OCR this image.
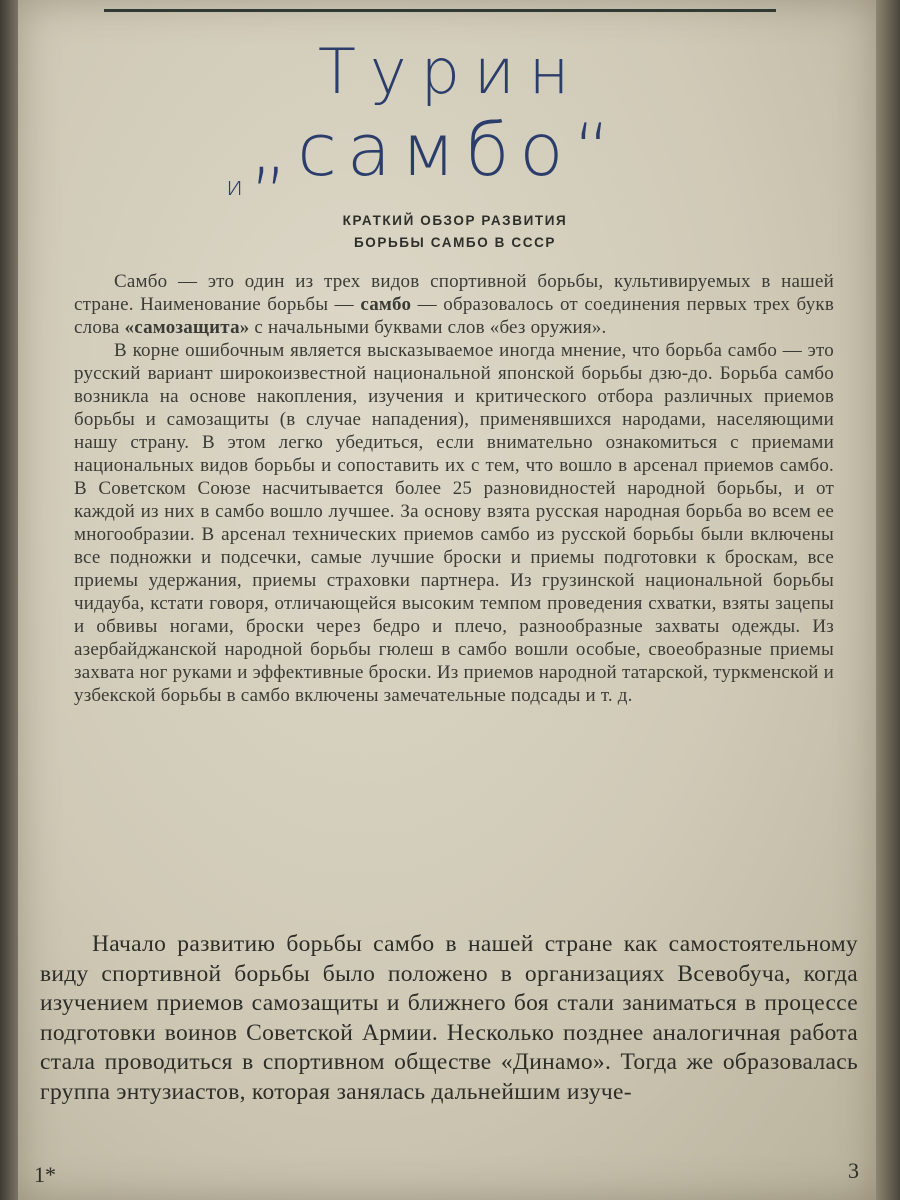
Турин
„самбо“
и
КРАТКИЙ ОБЗОР РАЗВИТИЯ
БОРЬБЫ САМБО В СССР

Самбо — это один из трех видов спортивной борьбы, культивируемых в нашей стране. Наименование борьбы — самбо — образовалось от соединения первых трех букв слова «самозащита» с начальными буквами слов «без оружия».

В корне ошибочным является высказываемое иногда мнение, что борьба самбо — это русский вариант широкоизвестной национальной японской борьбы дзю-до. Борьба самбо возникла на основе накопления, изучения и критического отбора различных приемов борьбы и самозащиты (в случае нападения), применявшихся народами, населяющими нашу страну. В этом легко убедиться, если внимательно ознакомиться с приемами национальных видов борьбы и сопоставить их с тем, что вошло в арсенал приемов самбо. В Советском Союзе насчитывается более 25 разновидностей народной борьбы, и от каждой из них в самбо вошло лучшее. За основу взята русская народная борьба во всем ее многообразии. В арсенал технических приемов самбо из русской борьбы были включены все подножки и подсечки, самые лучшие броски и приемы подготовки к броскам, все приемы удержания, приемы страховки партнера. Из грузинской национальной борьбы чидауба, кстати говоря, отличающейся высоким темпом проведения схватки, взяты зацепы и обвивы ногами, броски через бедро и плечо, разнообразные захваты одежды. Из азербайджанской народной борьбы гюлеш в самбо вошли особые, своеобразные приемы захвата ног руками и эффективные броски. Из приемов народной татарской, туркменской и узбекской борьбы в самбо включены замечательные подсады и т. д.

Начало развитию борьбы самбо в нашей стране как самостоятельному виду спортивной борьбы было положено в организациях Всевобуча, когда изучением приемов самозащиты и ближнего боя стали заниматься в процессе подготовки воинов Советской Армии. Несколько позднее аналогичная работа стала проводиться в спортивном обществе «Динамо». Тогда же образовалась группа энтузиастов, которая занялась дальнейшим изуче-

1*	3
